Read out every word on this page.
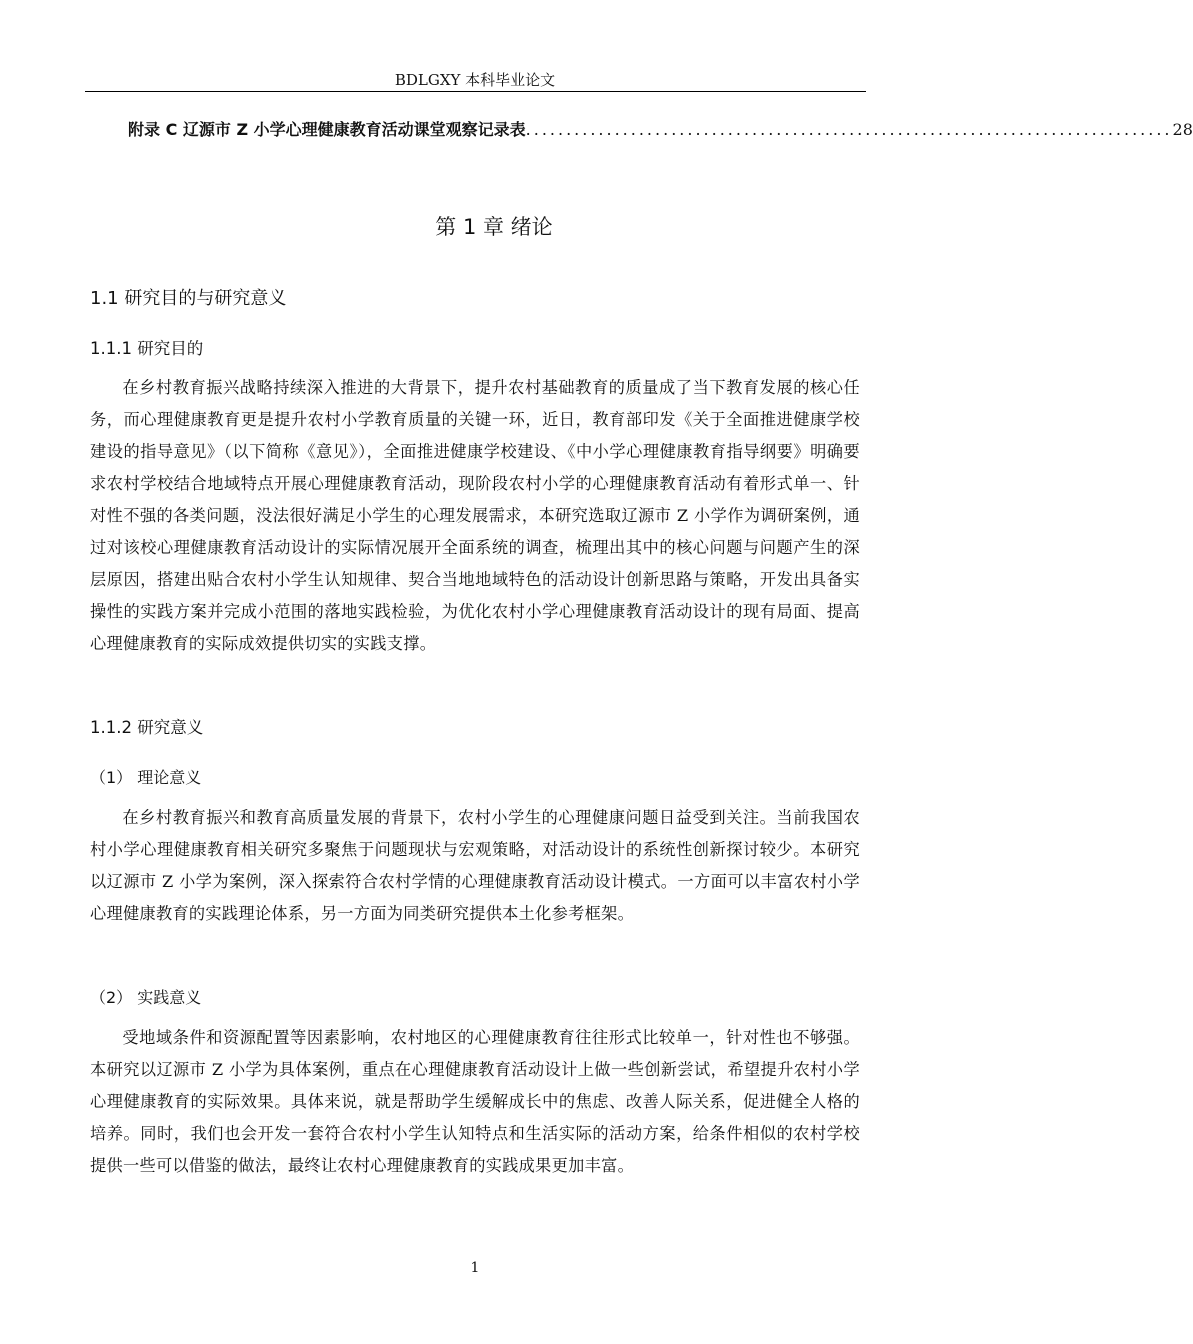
BDLGXY 本科毕业论文
附录 C 辽源市 Z 小学心理健康教育活动课堂观察记录表 ................................................................................ 28
第 1 章 绪论
1.1 研究目的与研究意义
1.1.1 研究目的
在乡村教育振兴战略持续深入推进的大背景下，提升农村基础教育的质量成了当下教育发展的核心任务，而心理健康教育更是提升农村小学教育质量的关键一环，近日，教育部印发《关于全面推进健康学校建设的指导意见》（以下简称《意见》），全面推进健康学校建设、《中小学心理健康教育指导纲要》明确要求农村学校结合地域特点开展心理健康教育活动，现阶段农村小学的心理健康教育活动有着形式单一、针对性不强的各类问题，没法很好满足小学生的心理发展需求，本研究选取辽源市 Z 小学作为调研案例，通过对该校心理健康教育活动设计的实际情况展开全面系统的调查，梳理出其中的核心问题与问题产生的深层原因，搭建出贴合农村小学生认知规律、契合当地地域特色的活动设计创新思路与策略，开发出具备实操性的实践方案并完成小范围的落地实践检验，为优化农村小学心理健康教育活动设计的现有局面、提高心理健康教育的实际成效提供切实的实践支撑。
1.1.2 研究意义
（1） 理论意义
在乡村教育振兴和教育高质量发展的背景下，农村小学生的心理健康问题日益受到关注。当前我国农村小学心理健康教育相关研究多聚焦于问题现状与宏观策略，对活动设计的系统性创新探讨较少。本研究以辽源市 Z 小学为案例，深入探索符合农村学情的心理健康教育活动设计模式。一方面可以丰富农村小学心理健康教育的实践理论体系，另一方面为同类研究提供本土化参考框架。
（2） 实践意义
受地域条件和资源配置等因素影响，农村地区的心理健康教育往往形式比较单一，针对性也不够强。本研究以辽源市 Z 小学为具体案例，重点在心理健康教育活动设计上做一些创新尝试，希望提升农村小学心理健康教育的实际效果。具体来说，就是帮助学生缓解成长中的焦虑、改善人际关系，促进健全人格的培养。同时，我们也会开发一套符合农村小学生认知特点和生活实际的活动方案，给条件相似的农村学校提供一些可以借鉴的做法，最终让农村心理健康教育的实践成果更加丰富。
1
